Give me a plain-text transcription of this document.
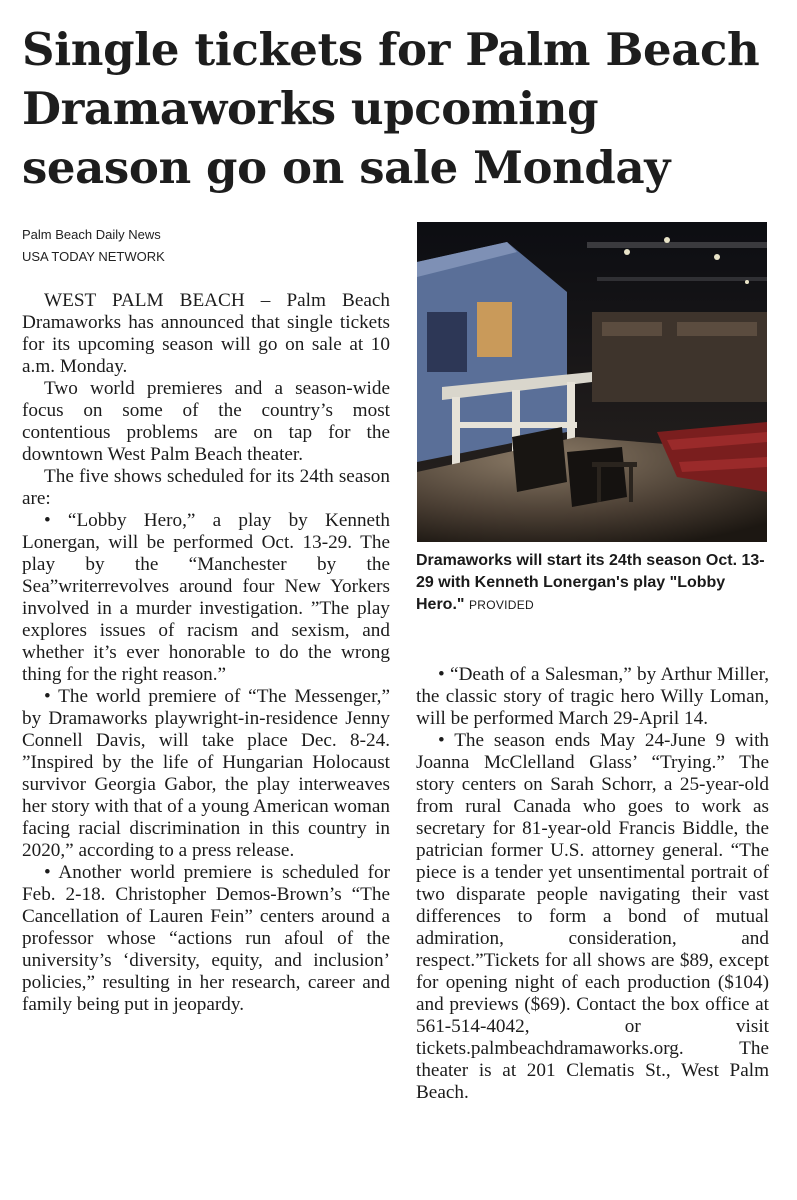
Single tickets for Palm Beach Dramaworks upcoming season go on sale Monday
Palm Beach Daily News
USA TODAY NETWORK

WEST PALM BEACH – Palm Beach Dramaworks has announced that single tickets for its upcoming season will go on sale at 10 a.m. Monday.

Two world premieres and a season-wide focus on some of the country’s most contentious problems are on tap for the downtown West Palm Beach theater.

The five shows scheduled for its 24th season are:

• “Lobby Hero,” a play by Kenneth Lonergan, will be performed Oct. 13-29. The play by the “Manchester by the Sea”writerrevolves around four New Yorkers involved in a murder investigation. ”The play explores issues of racism and sexism, and whether it’s ever honorable to do the wrong thing for the right reason.”

• The world premiere of “The Messenger,” by Dramaworks playwright-in-residence Jenny Connell Davis, will take place Dec. 8-24. ”Inspired by the life of Hungarian Holocaust survivor Georgia Gabor, the play interweaves her story with that of a young American woman facing racial discrimination in this country in 2020,” according to a press release.

• Another world premiere is scheduled for Feb. 2-18. Christopher Demos-Brown’s “The Cancellation of Lauren Fein” centers around a professor whose “actions run afoul of the university’s ‘diversity, equity, and inclusion’ policies,” resulting in her research, career and family being put in jeopardy.

Dramaworks will start its 24th season Oct. 13-29 with Kenneth Lonergan's play "Lobby Hero." PROVIDED

• “Death of a Salesman,” by Arthur Miller, the classic story of tragic hero Willy Loman, will be performed March 29-April 14.

• The season ends May 24-June 9 with Joanna McClelland Glass’ “Trying.” The story centers on Sarah Schorr, a 25-year-old from rural Canada who goes to work as secretary for 81-year-old Francis Biddle, the patrician former U.S. attorney general. “The piece is a tender yet unsentimental portrait of two disparate people navigating their vast differences to form a bond of mutual admiration, consideration, and respect.”Tickets for all shows are $89, except for opening night of each production ($104) and previews ($69). Contact the box office at 561-514-4042, or visit tickets.palmbeachdramaworks.org. The theater is at 201 Clematis St., West Palm Beach.
